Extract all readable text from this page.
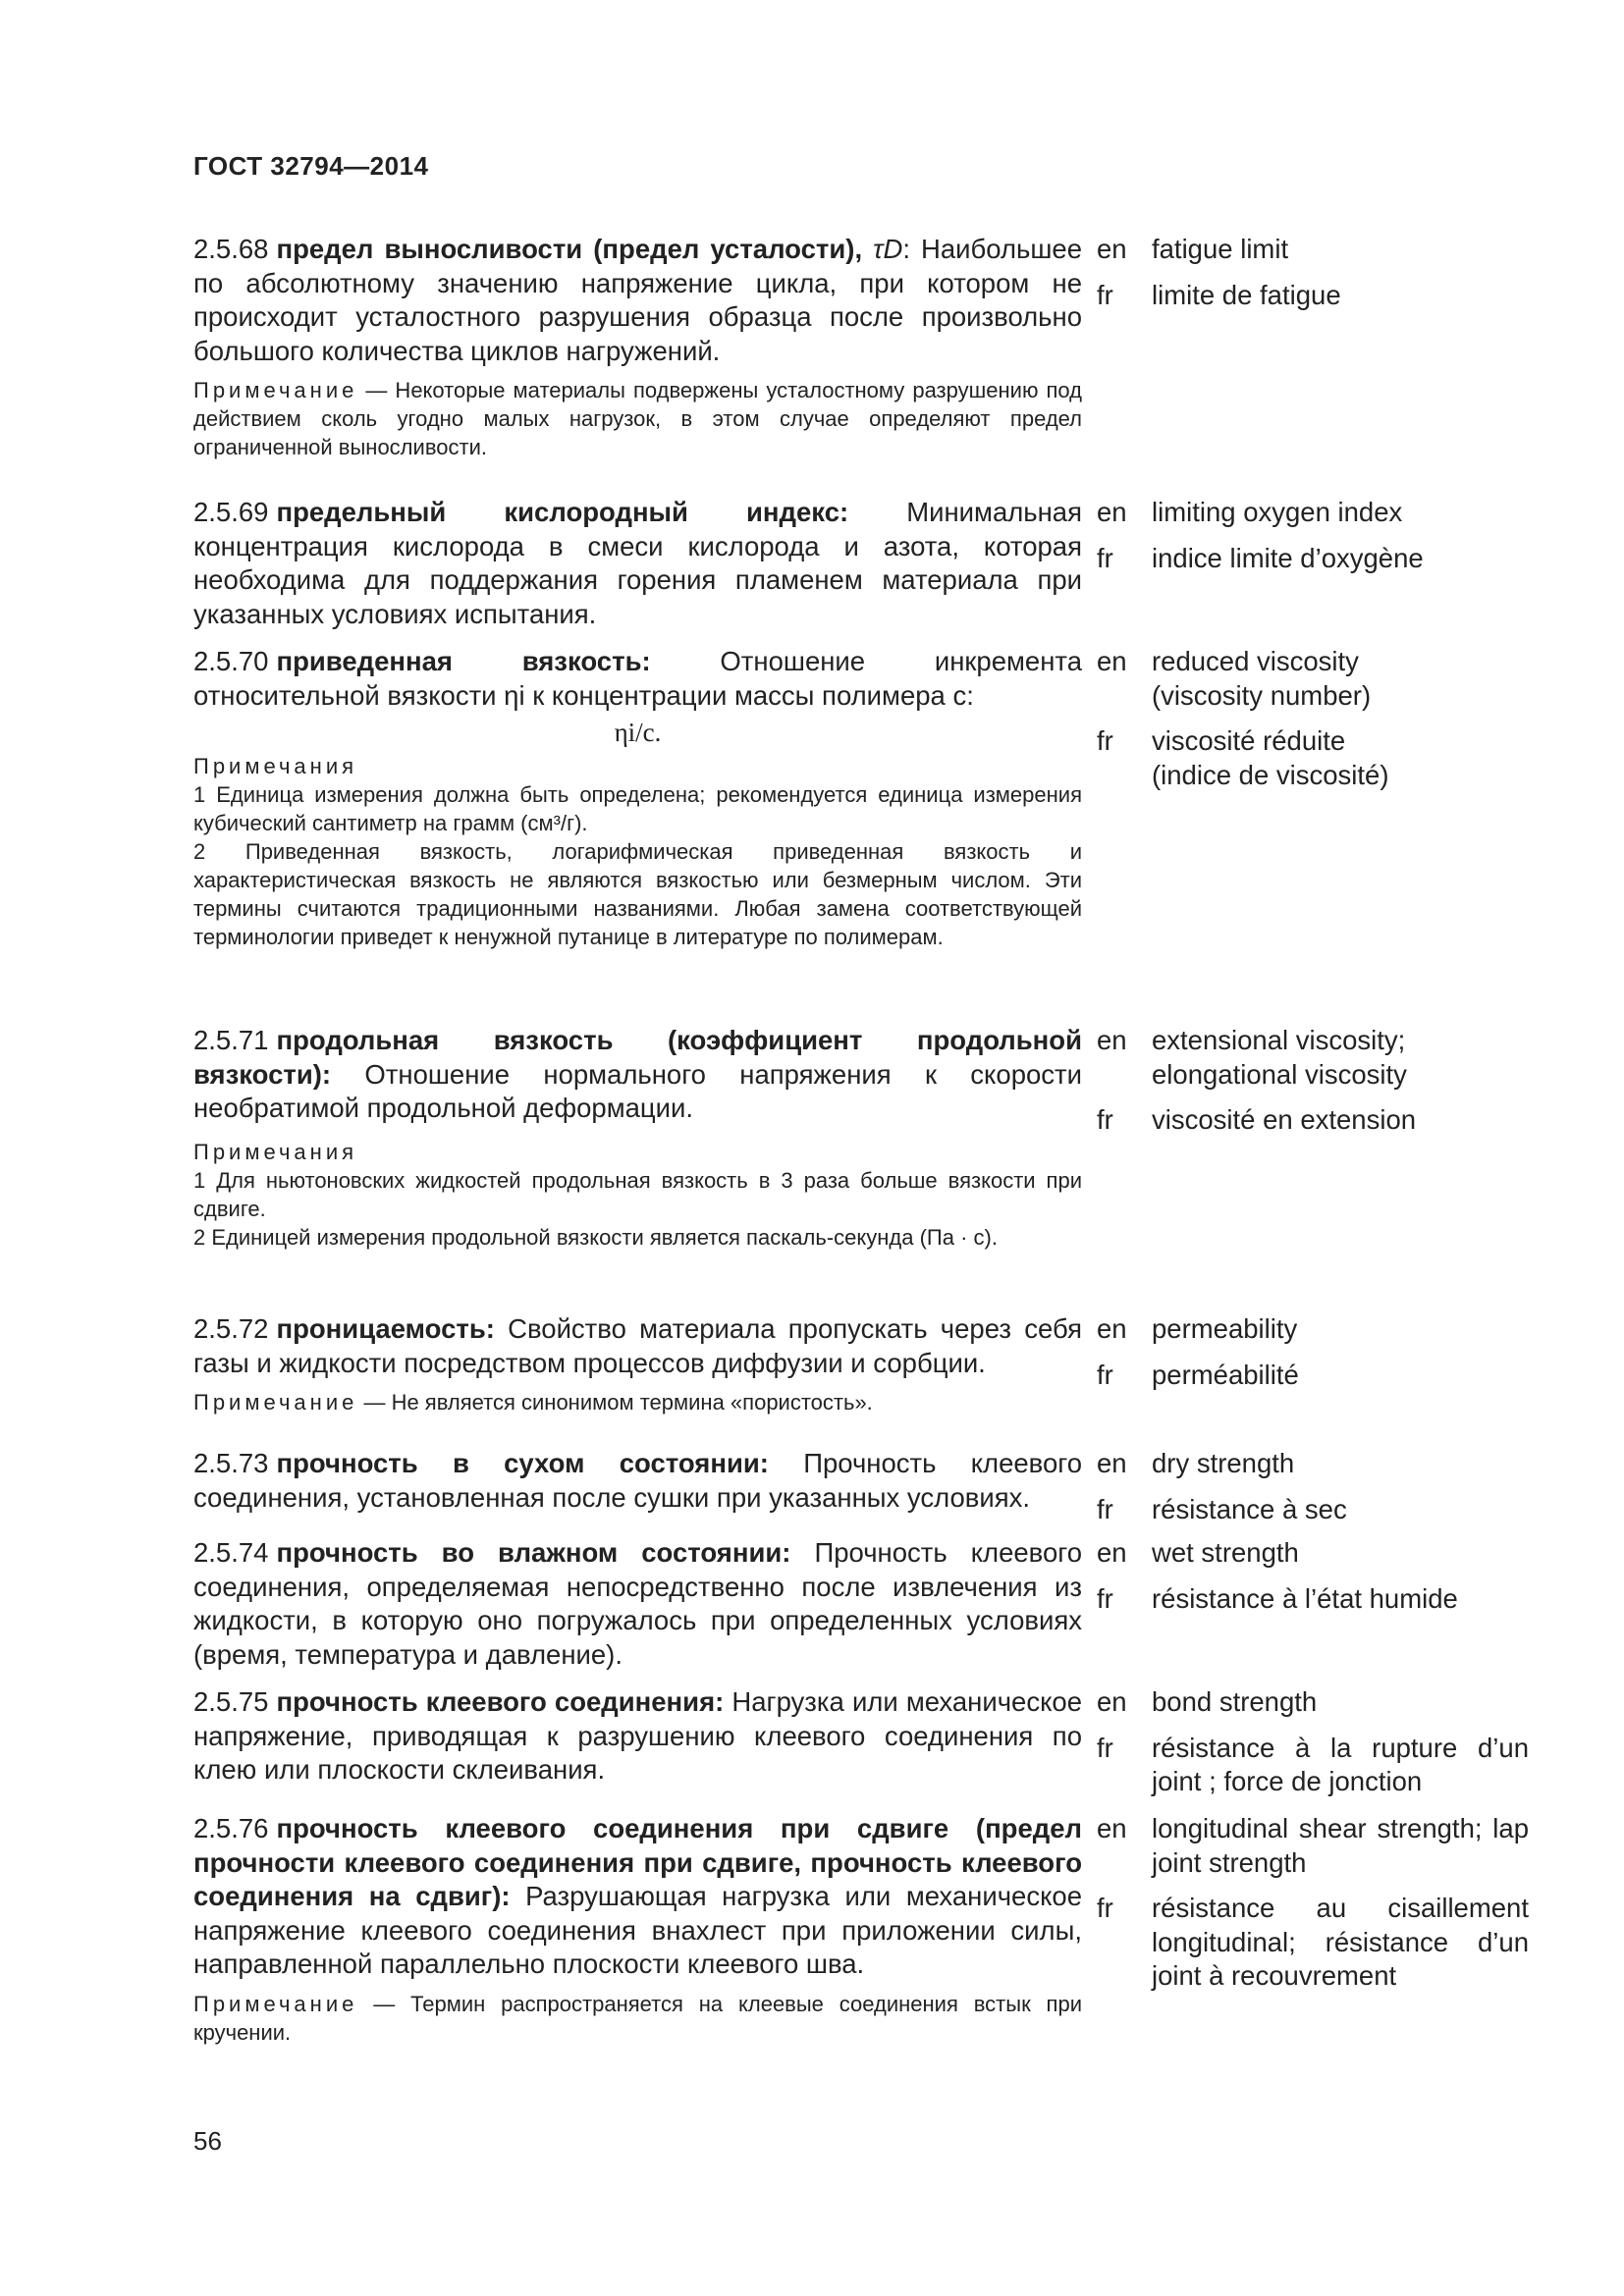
ГОСТ 32794—2014
2.5.68 предел выносливости (предел усталости), τD: Наибольшее по абсолютному значению напряжение цикла, при котором не происходит усталостного разрушения образца после произвольно большого количества циклов нагружений.
Примечание — Некоторые материалы подвержены усталостному разрушению под действием сколь угодно малых нагрузок, в этом случае определяют предел ограниченной выносливости.
en fatigue limit
fr	limite de fatigue
2.5.69 предельный кислородный индекс: Минимальная концентрация кислорода в смеси кислорода и азота, которая необходима для поддержания горения пламенем материала при указанных условиях испытания.
en limiting oxygen index
fr	indice limite d’oxygène
2.5.70 приведенная вязкость: Отношение инкремента относительной вязкости ηi к концентрации массы полимера c:
ηi/c.
Примечания
1 Единица измерения должна быть определена; рекомендуется единица измерения кубический сантиметр на грамм (см³/г).
2 Приведенная вязкость, логарифмическая приведенная вязкость и характеристическая вязкость не являются вязкостью или безмерным числом. Эти термины считаются традиционными названиями. Любая замена соответствующей терминологии приведет к ненужной путанице в литературе по полимерам.
en reduced viscosity (viscosity number)
fr	viscosité réduite (indice de viscosité)
2.5.71 продольная вязкость (коэффициент продольной вязкости): Отношение нормального напряжения к скорости необратимой продольной деформации.
Примечания
1 Для ньютоновских жидкостей продольная вязкость в 3 раза больше вязкости при сдвиге.
2 Единицей измерения продольной вязкости является паскаль-секунда (Па · с).
en extensional viscosity; elongational viscosity
fr	viscosité en extension
2.5.72 проницаемость: Свойство материала пропускать через себя газы и жидкости посредством процессов диффузии и сорбции.
Примечание — Не является синонимом термина «пористость».
en permeability
fr	perméabilité
2.5.73 прочность в сухом состоянии: Прочность клеевого соединения, установленная после сушки при указанных условиях.
en dry strength
fr	résistance à sec
2.5.74 прочность во влажном состоянии: Прочность клеевого соединения, определяемая непосредственно после извлечения из жидкости, в которую оно погружалось при определенных условиях (время, температура и давление).
en wet strength
fr	résistance à l’état humide
2.5.75 прочность клеевого соединения: Нагрузка или механическое напряжение, приводящая к разрушению клеевого соединения по клею или плоскости склеивания.
en bond strength
fr	résistance à la rupture d’un joint ; force de jonction
2.5.76 прочность клеевого соединения при сдвиге (предел прочности клеевого соединения при сдвиге, прочность клеевого соединения на сдвиг): Разрушающая нагрузка или механическое напряжение клеевого соединения внахлест при приложении силы, направленной параллельно плоскости клеевого шва.
Примечание — Термин распространяется на клеевые соединения встык при кручении.
en longitudinal shear strength; lap joint strength
fr	résistance au cisaillement longitudinal; résistance d’un joint à recouvrement
56
